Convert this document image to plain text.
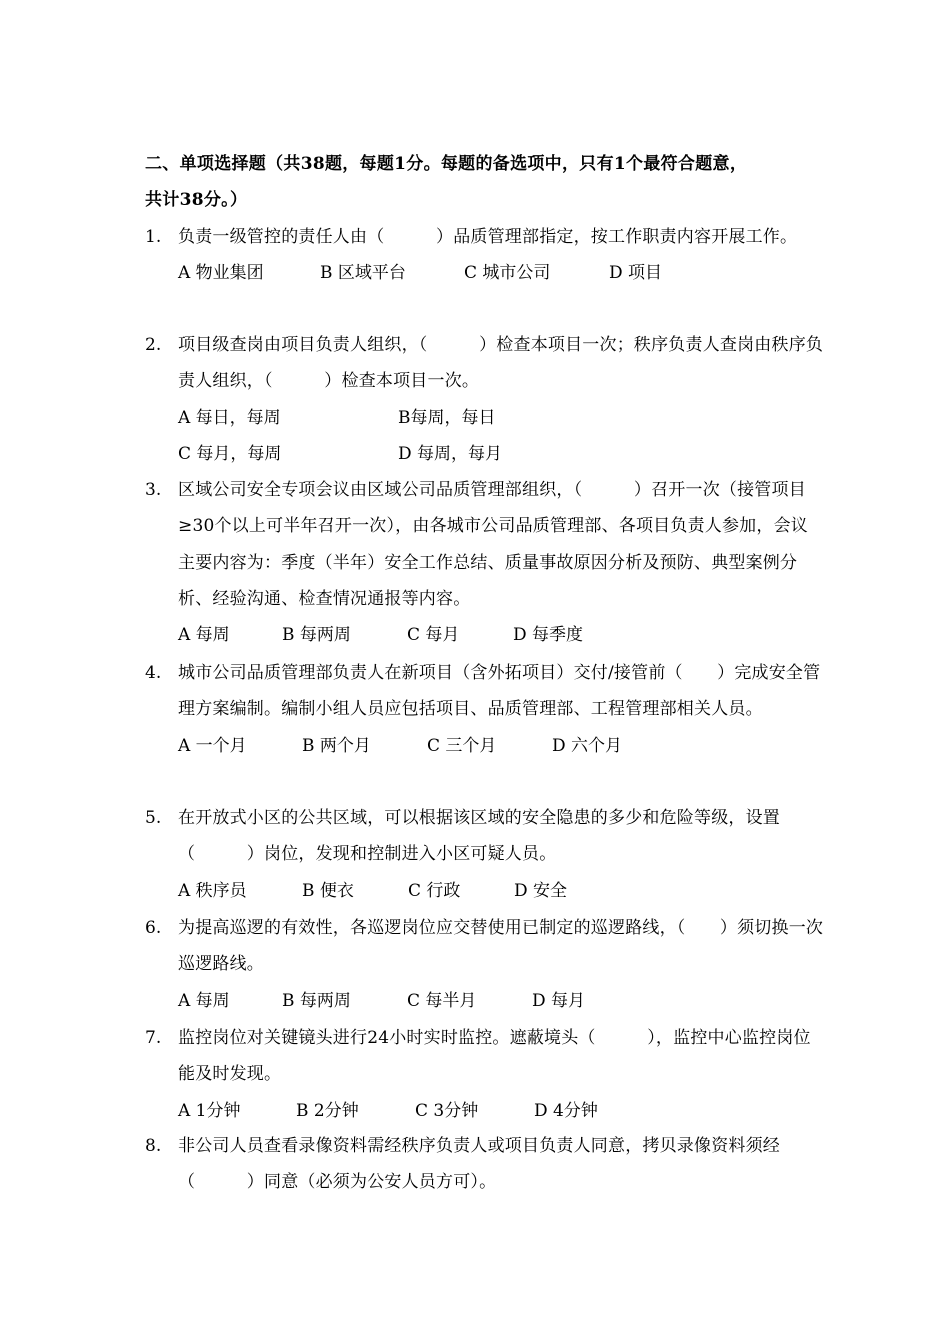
二、单项选择题（共38题，每题1分。每题的备选项中，只有1个最符合题意，
共计38分。）
1. 负责一级管控的责任人由（　　　）品质管理部指定，按工作职责内容开展工作。
A 物业集团	B 区域平台	C 城市公司	D 项目
2. 项目级查岗由项目负责人组织，（　　　）检查本项目一次；秩序负责人查岗由秩序负责人组织，（　　　）检查本项目一次。
A 每日，每周	B每周，每日
C 每月，每周	D 每周，每月
3. 区域公司安全专项会议由区域公司品质管理部组织，（　　　）召开一次（接管项目≥30个以上可半年召开一次），由各城市公司品质管理部、各项目负责人参加，会议主要内容为：季度（半年）安全工作总结、质量事故原因分析及预防、典型案例分析、经验沟通、检查情况通报等内容。
A 每周	B 每两周	C 每月	D 每季度
4. 城市公司品质管理部负责人在新项目（含外拓项目）交付/接管前（　　）完成安全管理方案编制。编制小组人员应包括项目、品质管理部、工程管理部相关人员。
A 一个月	B 两个月	C 三个月	D 六个月
5. 在开放式小区的公共区域，可以根据该区域的安全隐患的多少和危险等级，设置（　　　）岗位，发现和控制进入小区可疑人员。
A 秩序员	B 便衣	C 行政	D 安全
6. 为提高巡逻的有效性，各巡逻岗位应交替使用已制定的巡逻路线，（　　）须切换一次巡逻路线。
A 每周	B 每两周	C 每半月	D 每月
7. 监控岗位对关键镜头进行24小时实时监控。遮蔽境头（　　　），监控中心监控岗位能及时发现。
A 1分钟	B 2分钟	C 3分钟	D 4分钟
8. 非公司人员查看录像资料需经秩序负责人或项目负责人同意，拷贝录像资料须经（　　　）同意（必须为公安人员方可）。
